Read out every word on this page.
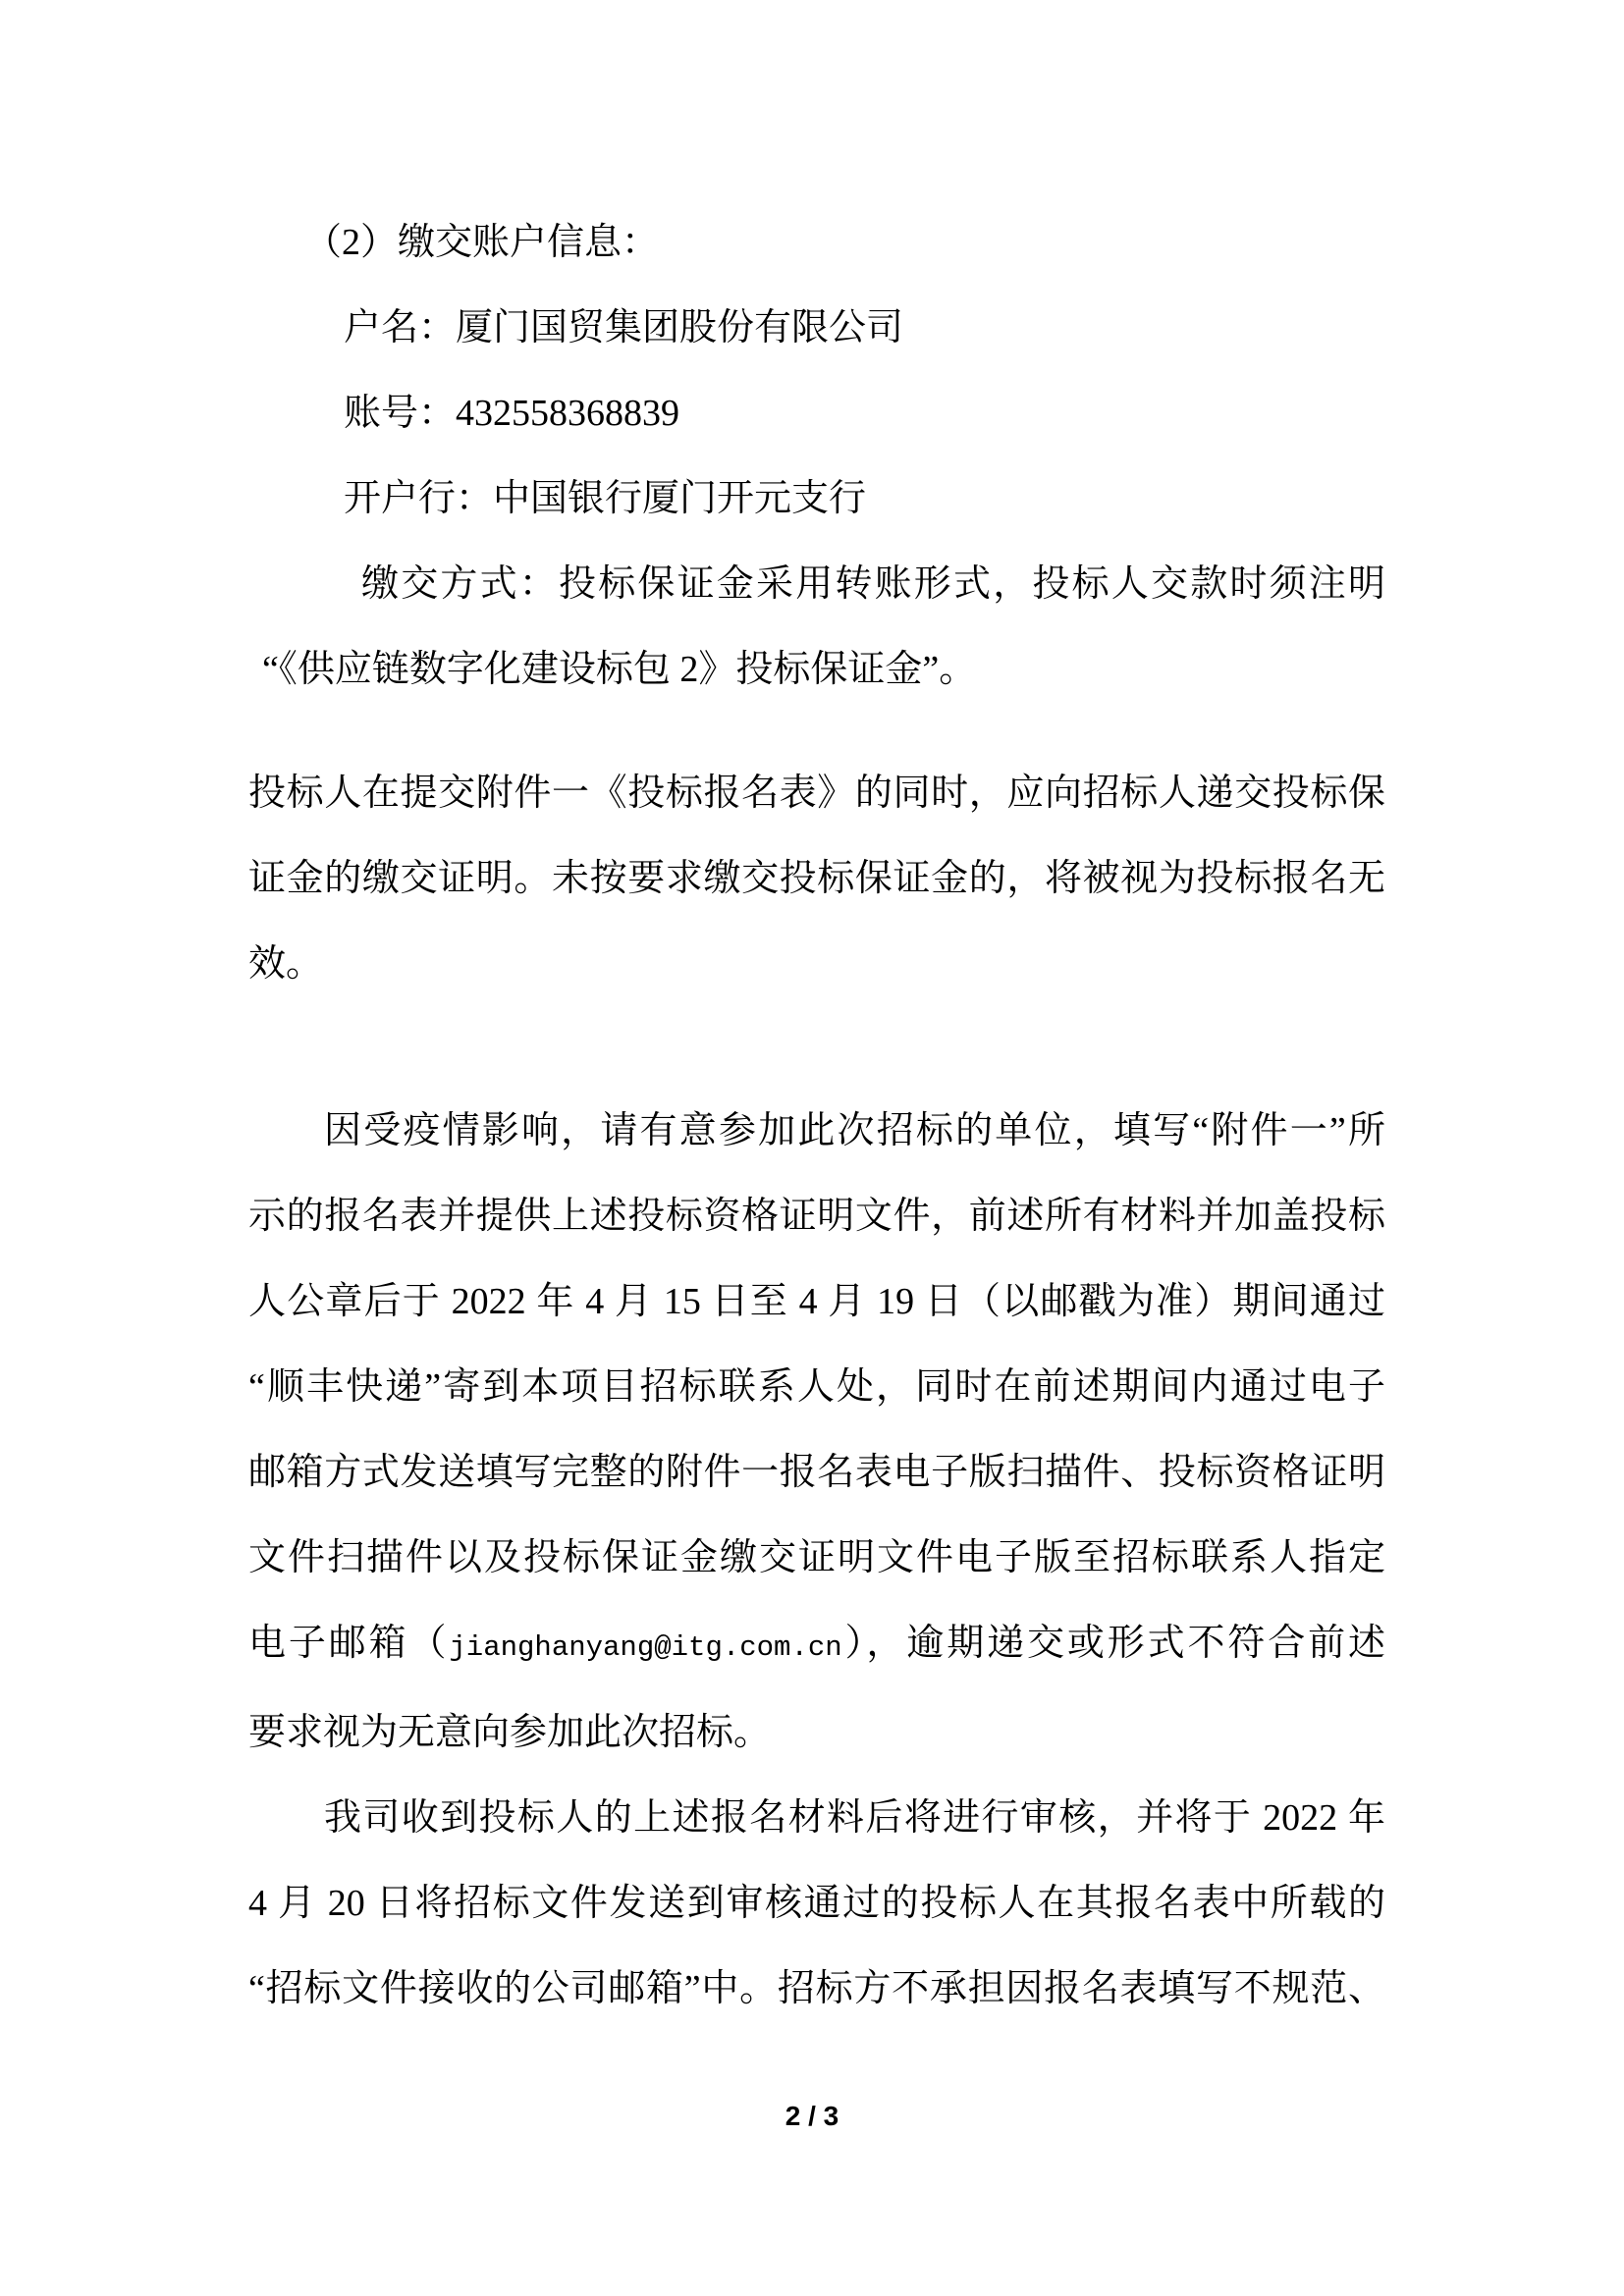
（2）缴交账户信息：
户名：厦门国贸集团股份有限公司
账号：432558368839
开户行：中国银行厦门开元支行
缴交方式：投标保证金采用转账形式，投标人交款时须注明
“《供应链数字化建设标包 2》投标保证金”。
投标人在提交附件一《投标报名表》的同时，应向招标人递交投标保
证金的缴交证明。未按要求缴交投标保证金的，将被视为投标报名无
效。
因受疫情影响，请有意参加此次招标的单位，填写“附件一”所
示的报名表并提供上述投标资格证明文件，前述所有材料并加盖投标
人公章后于 2022 年 4 月 15 日至 4 月 19 日（以邮戳为准）期间通过
“顺丰快递”寄到本项目招标联系人处，同时在前述期间内通过电子
邮箱方式发送填写完整的附件一报名表电子版扫描件、投标资格证明
文件扫描件以及投标保证金缴交证明文件电子版至招标联系人指定
电子邮箱（jianghanyang@itg.com.cn），逾期递交或形式不符合前述
要求视为无意向参加此次招标。
我司收到投标人的上述报名材料后将进行审核，并将于 2022 年
4 月 20 日将招标文件发送到审核通过的投标人在其报名表中所载的
“招标文件接收的公司邮箱”中。招标方不承担因报名表填写不规范、
2 / 3
